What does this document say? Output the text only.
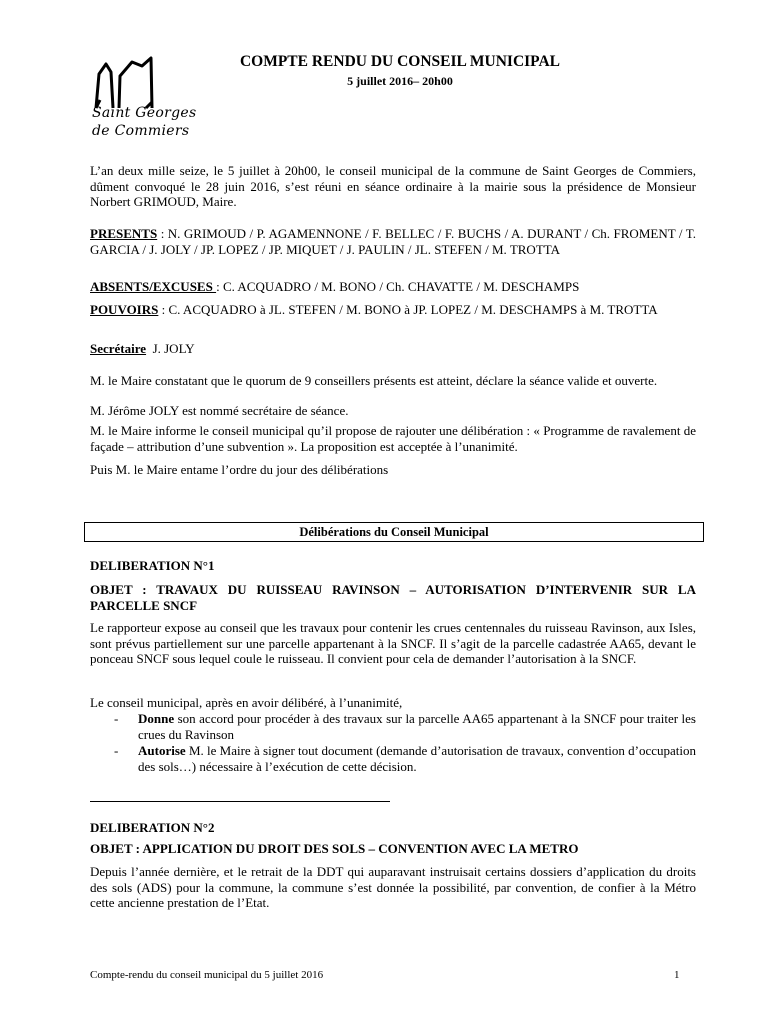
Saint Georges
de Commiers
COMPTE RENDU DU CONSEIL MUNICIPAL
5 juillet 2016– 20h00
L’an deux mille seize, le 5 juillet à 20h00, le conseil municipal de la commune de Saint Georges de Commiers, dûment convoqué le 28 juin 2016, s’est réuni en séance ordinaire à la mairie sous la présidence de Monsieur Norbert GRIMOUD, Maire.
PRESENTS : N. GRIMOUD / P. AGAMENNONE / F. BELLEC / F. BUCHS / A. DURANT / Ch. FROMENT / T. GARCIA / J. JOLY / JP. LOPEZ / JP. MIQUET / J. PAULIN / JL. STEFEN / M. TROTTA
ABSENTS/EXCUSES : C. ACQUADRO / M. BONO / Ch. CHAVATTE / M. DESCHAMPS
POUVOIRS : C. ACQUADRO à JL. STEFEN / M. BONO à JP. LOPEZ / M. DESCHAMPS à M. TROTTA
Secrétaire  J. JOLY
M. le Maire constatant que le quorum de 9 conseillers présents est atteint, déclare la séance valide et ouverte.
M. Jérôme JOLY est nommé secrétaire de séance.
M. le Maire informe le conseil municipal qu’il propose de rajouter une délibération : « Programme de ravalement de façade – attribution d’une subvention ». La proposition est acceptée à l’unanimité.
Puis M. le Maire entame l’ordre du jour des délibérations
Délibérations du Conseil Municipal
DELIBERATION N°1
OBJET : TRAVAUX DU RUISSEAU RAVINSON – AUTORISATION D’INTERVENIR SUR LA PARCELLE SNCF
Le rapporteur expose au conseil que les travaux pour contenir les crues centennales du ruisseau Ravinson, aux Isles, sont prévus partiellement sur une parcelle appartenant à la SNCF. Il s’agit de la parcelle cadastrée AA65, devant le ponceau SNCF sous lequel coule le ruisseau. Il convient pour cela de demander l’autorisation à la SNCF.
Le conseil municipal, après en avoir délibéré, à l’unanimité,
- Donne son accord pour procéder à des travaux sur la parcelle AA65 appartenant à la SNCF pour traiter les crues du Ravinson
- Autorise M. le Maire à signer tout document (demande d’autorisation de travaux, convention d’occupation des sols…) nécessaire à l’exécution de cette décision.
DELIBERATION N°2
OBJET : APPLICATION DU DROIT DES SOLS – CONVENTION AVEC LA METRO
Depuis l’année dernière, et le retrait de la DDT qui auparavant instruisait certains dossiers d’application du droits des sols (ADS) pour la commune, la commune s’est donnée la possibilité, par convention, de confier à la Métro cette ancienne prestation de l’Etat.
Compte-rendu du conseil municipal du 5 juillet 2016	1
